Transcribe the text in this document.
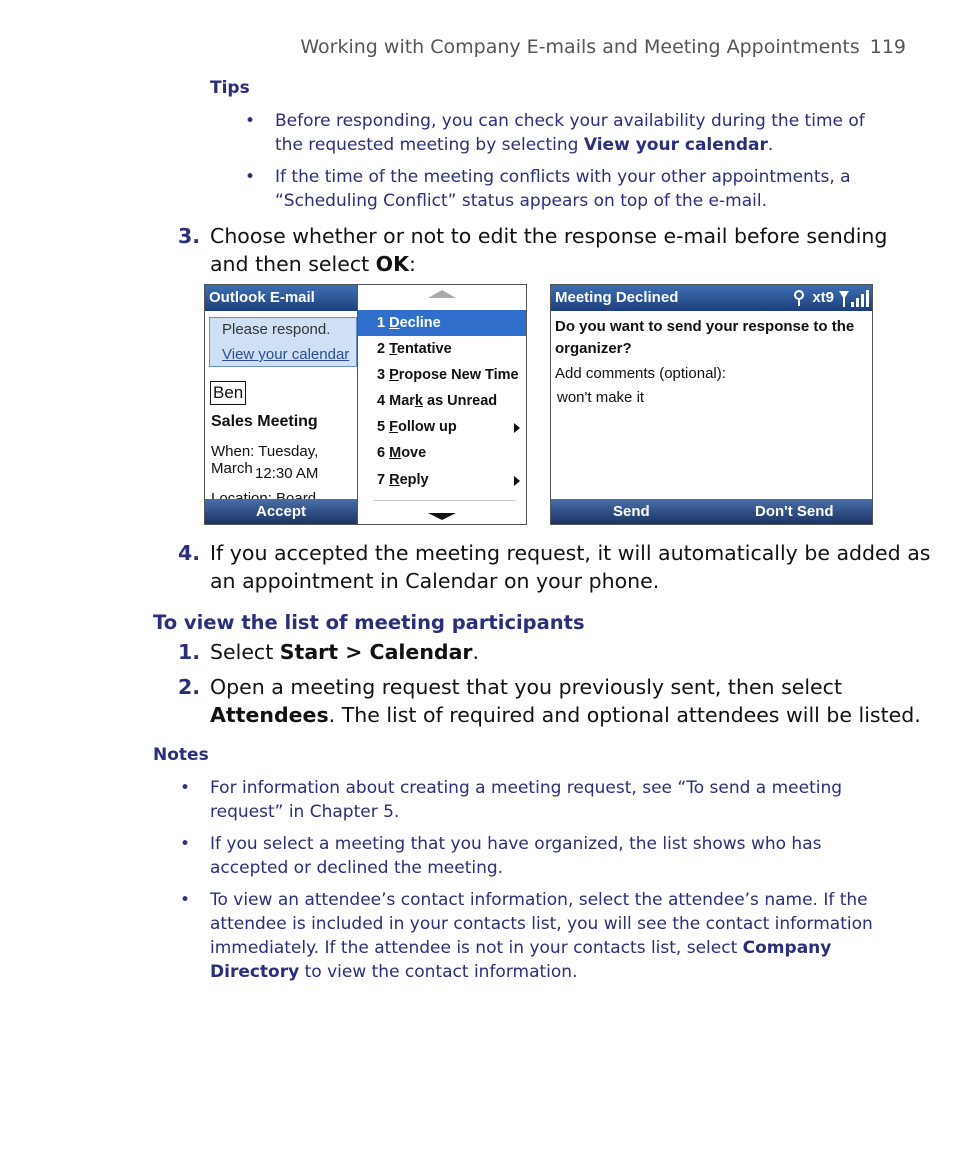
Working with Company E-mails and Meeting Appointments 119
Tips
• Before responding, you can check your availability during the time of
the requested meeting by selecting View your calendar.
• If the time of the meeting conflicts with your other appointments, a
“Scheduling Conflict” status appears on top of the e-mail.
3. Choose whether or not to edit the response e-mail before sending
and then select OK:
Outlook E-mail
Please respond.
View your calendar
Ben
Sales Meeting
When: Tuesday, March 12:30 AM
Accept
1 Decline
2 Tentative
3 Propose New Time
4 Mark as Unread
5 Follow up
6 Move
7 Reply
Meeting Declined	xt9
Do you want to send your response to the
organizer?
Add comments (optional):
won't make it
Send	Don't Send
4. If you accepted the meeting request, it will automatically be added as
an appointment in Calendar on your phone.
To view the list of meeting participants
1. Select Start > Calendar.
2. Open a meeting request that you previously sent, then select
Attendees. The list of required and optional attendees will be listed.
Notes
• For information about creating a meeting request, see “To send a meeting
request” in Chapter 5.
• If you select a meeting that you have organized, the list shows who has
accepted or declined the meeting.
• To view an attendee’s contact information, select the attendee’s name. If the
attendee is included in your contacts list, you will see the contact information
immediately. If the attendee is not in your contacts list, select Company
Directory to view the contact information.
